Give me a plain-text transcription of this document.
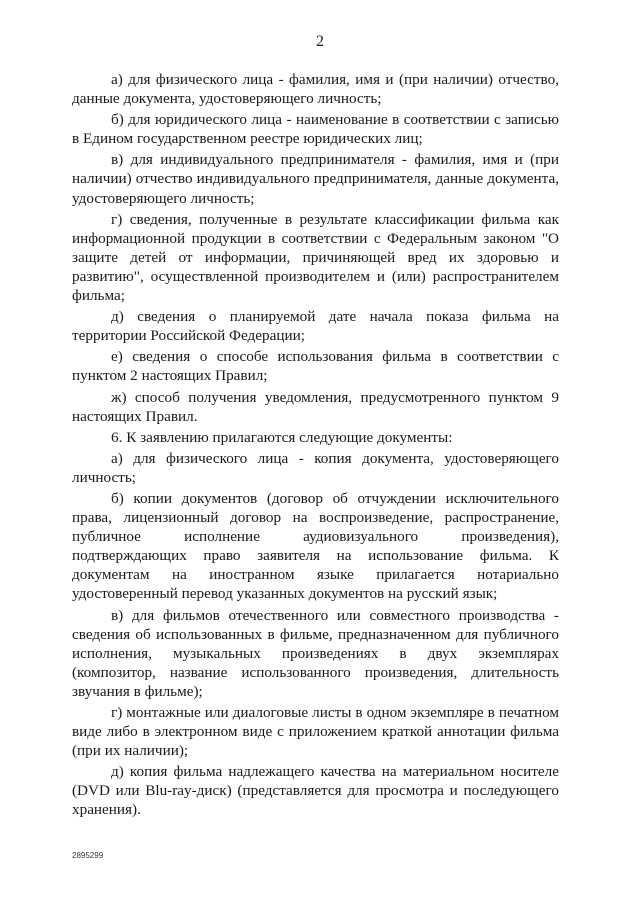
2

а) для физического лица - фамилия, имя и (при наличии) отчество, данные документа, удостоверяющего личность;

б) для юридического лица - наименование в соответствии с записью в Едином государственном реестре юридических лиц;

в) для индивидуального предпринимателя - фамилия, имя и (при наличии) отчество индивидуального предпринимателя, данные документа, удостоверяющего личность;

г) сведения, полученные в результате классификации фильма как информационной продукции в соответствии с Федеральным законом "О защите детей от информации, причиняющей вред их здоровью и развитию", осуществленной производителем и (или) распространителем фильма;

д) сведения о планируемой дате начала показа фильма на территории Российской Федерации;

е) сведения о способе использования фильма в соответствии с пунктом 2 настоящих Правил;

ж) способ получения уведомления, предусмотренного пунктом 9 настоящих Правил.

6. К заявлению прилагаются следующие документы:

а) для физического лица - копия документа, удостоверяющего личность;

б) копии документов (договор об отчуждении исключительного права, лицензионный договор на воспроизведение, распространение, публичное исполнение аудиовизуального произведения), подтверждающих право заявителя на использование фильма. К документам на иностранном языке прилагается нотариально удостоверенный перевод указанных документов на русский язык;

в) для фильмов отечественного или совместного производства - сведения об использованных в фильме, предназначенном для публичного исполнения, музыкальных произведениях в двух экземплярах (композитор, название использованного произведения, длительность звучания в фильме);

г) монтажные или диалоговые листы в одном экземпляре в печатном виде либо в электронном виде с приложением краткой аннотации фильма (при их наличии);

д) копия фильма надлежащего качества на материальном носителе (DVD или Blu-ray-диск) (представляется для просмотра и последующего хранения).

2895299
